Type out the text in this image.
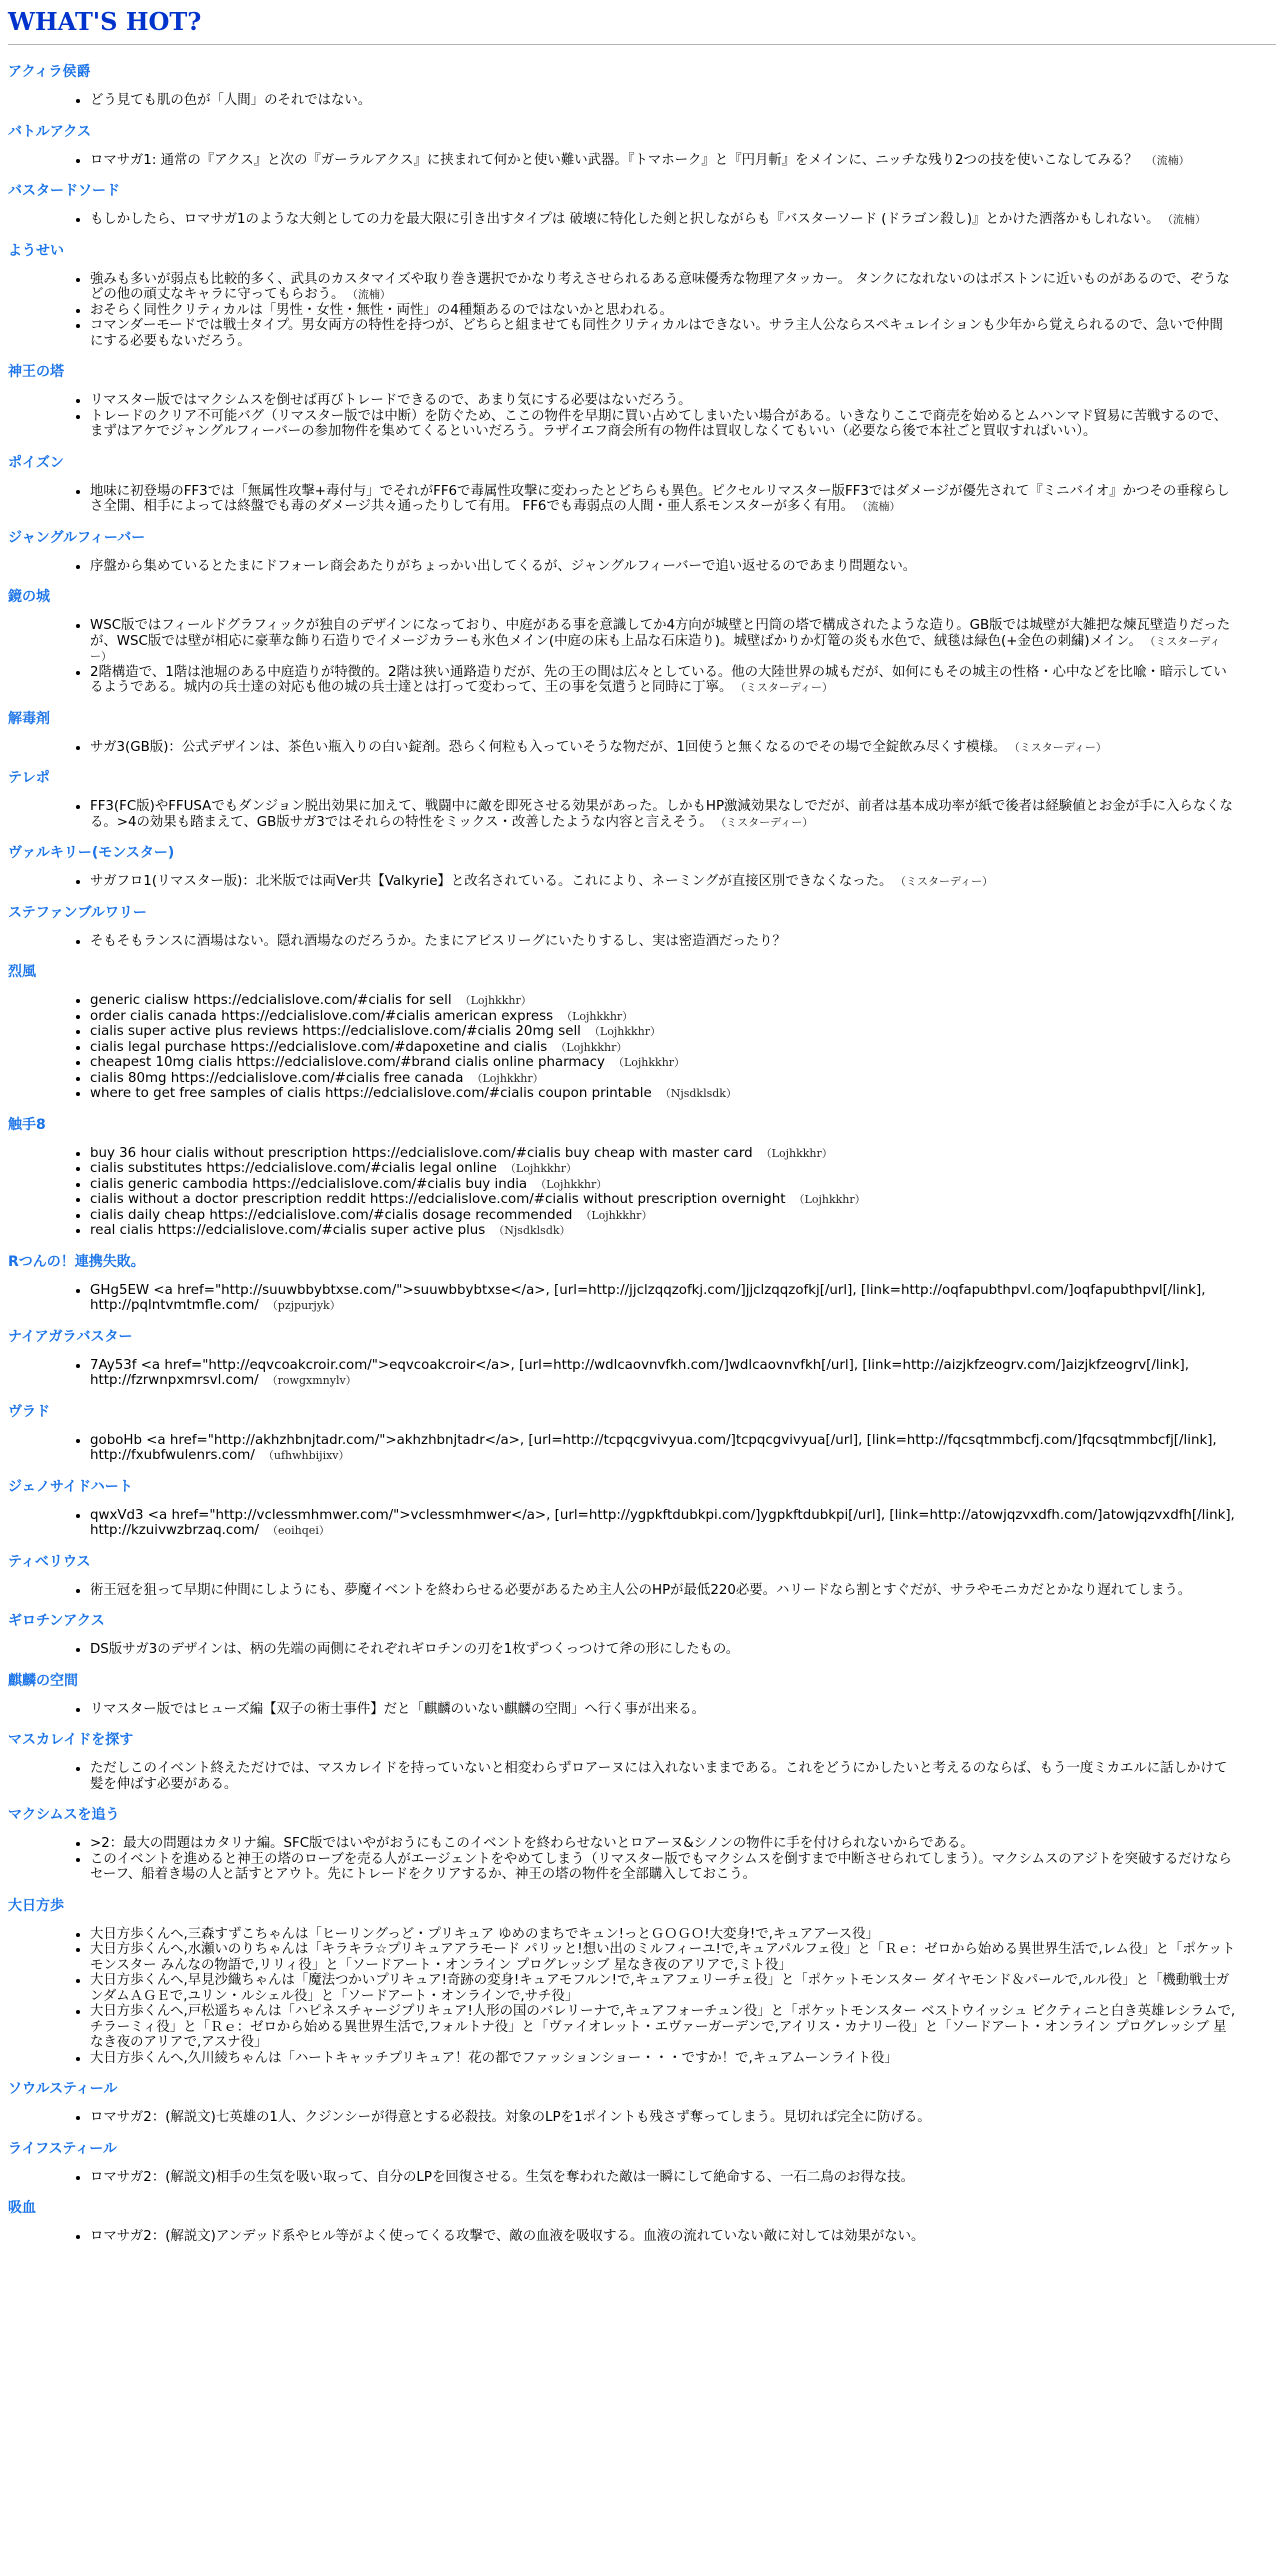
WHAT'S HOT?
アクィラ侯爵
• どう見ても肌の色が「人間」のそれではない。
バトルアクス
• ロマサガ1: 通常の『アクス』と次の『ガーラルアクス』に挟まれて何かと使い難い武器。『トマホーク』と『円月斬』をメインに、ニッチな残り2つの技を使いこなしてみる？ （流楠）
バスタードソード
• もしかしたら、ロマサガ1のような大剣としての力を最大限に引き出すタイプは 破壊に特化した剣と択しながらも『バスターソード (ドラゴン殺し)』とかけた洒落かもしれない。 （流楠）
ようせい
• 強みも多いが弱点も比較的多く、武具のカスタマイズや取り巻き選択でかなり考えさせられるある意味優秀な物理アタッカー。 タンクになれないのはボストンに近いものがあるので、ぞうなどの他の頑丈なキャラに守ってもらおう。 （流楠）
• おそらく同性クリティカルは「男性・女性・無性・両性」の4種類あるのではないかと思われる。
• コマンダーモードでは戦士タイプ。男女両方の特性を持つが、どちらと組ませても同性クリティカルはできない。サラ主人公ならスペキュレイションも少年から覚えられるので、急いで仲間にする必要もないだろう。
神王の塔
• リマスター版ではマクシムスを倒せば再びトレードできるので、あまり気にする必要はないだろう。
• トレードのクリア不可能バグ（リマスター版では中断）を防ぐため、ここの物件を早期に買い占めてしまいたい場合がある。いきなりここで商売を始めるとムハンマド貿易に苦戦するので、まずはアケでジャングルフィーバーの参加物件を集めてくるといいだろう。ラザイエフ商会所有の物件は買収しなくてもいい（必要なら後で本社ごと買収すればいい）。
ポイズン
• 地味に初登場のFF3では「無属性攻撃+毒付与」でそれがFF6で毒属性攻撃に変わったとどちらも異色。ピクセルリマスター版FF3ではダメージが優先されて『ミニバイオ』かつその垂稼らしさ全開、相手によっては終盤でも毒のダメージ共々通ったりして有用。 FF6でも毒弱点の人間・亜人系モンスターが多く有用。 （流楠）
ジャングルフィーバー
• 序盤から集めているとたまにドフォーレ商会あたりがちょっかい出してくるが、ジャングルフィーバーで追い返せるのであまり問題ない。
鏡の城
• WSC版ではフィールドグラフィックが独自のデザインになっており、中庭がある事を意識してか4方向が城壁と円筒の塔で構成されたような造り。GB版では城壁が大雑把な煉瓦壁造りだったが、WSC版では壁が相応に豪華な飾り石造りでイメージカラーも氷色メイン(中庭の床も上品な石床造り)。城壁ばかりか灯篭の炎も水色で、絨毯は緑色(+金色の刺繍)メイン。 （ミスターディー）
• 2階構造で、1階は池堀のある中庭造りが特徴的。2階は狭い通路造りだが、先の王の間は広々としている。他の大陸世界の城もだが、如何にもその城主の性格・心中などを比喩・暗示しているようである。城内の兵士達の対応も他の城の兵士達とは打って変わって、王の事を気遣うと同時に丁寧。 （ミスターディー）
解毒剤
• サガ3(GB版)：公式デザインは、茶色い瓶入りの白い錠剤。恐らく何粒も入っていそうな物だが、1回使うと無くなるのでその場で全錠飲み尽くす模様。 （ミスターディー）
テレポ
• FF3(FC版)やFFUSAでもダンジョン脱出効果に加えて、戦闘中に敵を即死させる効果があった。しかもHP激減効果なしでだが、前者は基本成功率が紙で後者は経験値とお金が手に入らなくなる。>4の効果も踏まえて、GB版サガ3ではそれらの特性をミックス・改善したような内容と言えそう。 （ミスターディー）
ヴァルキリー(モンスター)
• サガフロ1(リマスター版)：北米版では両Ver共【Valkyrie】と改名されている。これにより、ネーミングが直接区別できなくなった。 （ミスターディー）
ステファンブルワリー
• そもそもランスに酒場はない。隠れ酒場なのだろうか。たまにアビスリーグにいたりするし、実は密造酒だったり？
烈風
• generic cialisw https://edcialislove.com/#cialis for sell （Lojhkkhr）
• order cialis canada https://edcialislove.com/#cialis american express （Lojhkkhr）
• cialis super active plus reviews https://edcialislove.com/#cialis 20mg sell （Lojhkkhr）
• cialis legal purchase https://edcialislove.com/#dapoxetine and cialis （Lojhkkhr）
• cheapest 10mg cialis https://edcialislove.com/#brand cialis online pharmacy （Lojhkkhr）
• cialis 80mg https://edcialislove.com/#cialis free canada （Lojhkkhr）
• where to get free samples of cialis https://edcialislove.com/#cialis coupon printable （Njsdklsdk）
触手8
• buy 36 hour cialis without prescription https://edcialislove.com/#cialis buy cheap with master card （Lojhkkhr）
• cialis substitutes https://edcialislove.com/#cialis legal online （Lojhkkhr）
• cialis generic cambodia https://edcialislove.com/#cialis buy india （Lojhkkhr）
• cialis without a doctor prescription reddit https://edcialislove.com/#cialis without prescription overnight （Lojhkkhr）
• cialis daily cheap https://edcialislove.com/#cialis dosage recommended （Lojhkkhr）
• real cialis https://edcialislove.com/#cialis super active plus （Njsdklsdk）
Rつんの！連携失敗。
• GHg5EW <a href="http://suuwbbybtxse.com/">suuwbbybtxse</a>, [url=http://jjclzqqzofkj.com/]jjclzqqzofkj[/url], [link=http://oqfapubthpvl.com/]oqfapubthpvl[/link], http://pqlntvmtmfle.com/ （pzjpurjyk）
ナイアガラバスター
• 7Ay53f <a href="http://eqvcoakcroir.com/">eqvcoakcroir</a>, [url=http://wdlcaovnvfkh.com/]wdlcaovnvfkh[/url], [link=http://aizjkfzeogrv.com/]aizjkfzeogrv[/link], http://fzrwnpxmrsvl.com/ （rowgxmnylv）
ヴラド
• goboHb <a href="http://akhzhbnjtadr.com/">akhzhbnjtadr</a>, [url=http://tcpqcgvivyua.com/]tcpqcgvivyua[/url], [link=http://fqcsqtmmbcfj.com/]fqcsqtmmbcfj[/link], http://fxubfwulenrs.com/ （ufhwhbijixv）
ジェノサイドハート
• qwxVd3 <a href="http://vclessmhmwer.com/">vclessmhmwer</a>, [url=http://ygpkftdubkpi.com/]ygpkftdubkpi[/url], [link=http://atowjqzvxdfh.com/]atowjqzvxdfh[/link], http://kzuivwzbrzaq.com/ （eoihqei）
ティベリウス
• 術王冠を狙って早期に仲間にしようにも、夢魔イベントを終わらせる必要があるため主人公のHPが最低220必要。ハリードなら割とすぐだが、サラやモニカだとかなり遅れてしまう。
ギロチンアクス
• DS版サガ3のデザインは、柄の先端の両側にそれぞれギロチンの刃を1枚ずつくっつけて斧の形にしたもの。
麒麟の空間
• リマスター版ではヒューズ編【双子の術士事件】だと「麒麟のいない麒麟の空間」へ行く事が出来る。
マスカレイドを探す
• ただしこのイベント終えただけでは、マスカレイドを持っていないと相変わらずロアーヌには入れないままである。これをどうにかしたいと考えるのならば、もう一度ミカエルに話しかけて髪を伸ばす必要がある。
マクシムスを追う
• >2：最大の問題はカタリナ編。SFC版ではいやがおうにもこのイベントを終わらせないとロアーヌ&シノンの物件に手を付けられないからである。
• このイベントを進めると神王の塔のローブを売る人がエージェントをやめてしまう（リマスター版でもマクシムスを倒すまで中断させられてしまう）。マクシムスのアジトを突破するだけならセーフ、船着き場の人と話すとアウト。先にトレードをクリアするか、神王の塔の物件を全部購入しておこう。
大日方歩
• 大日方歩くんへ,三森すずこちゃんは「ヒーリングっど・プリキュア ゆめのまちでキュン!っとＧＯＧＯ!大変身!で,キュアアース役」
• 大日方歩くんへ,水瀬いのりちゃんは「キラキラ☆プリキュアアラモード パリッと!想い出のミルフィーユ!で,キュアパルフェ役」と「Ｒｅ：ゼロから始める異世界生活で,レム役」と「ポケットモンスター みんなの物語で,リリィ役」と「ソードアート・オンライン プログレッシブ 星なき夜のアリアで,ミト役」
• 大日方歩くんへ,早見沙織ちゃんは「魔法つかいプリキュア!奇跡の変身!キュアモフルン!で,キュアフェリーチェ役」と「ポケットモンスター ダイヤモンド＆パールで,ルル役」と「機動戦士ガンダムＡＧＥで,ユリン・ルシェル役」と「ソードアート・オンラインで,サチ役」
• 大日方歩くんへ,戸松遥ちゃんは「ハピネスチャージプリキュア!人形の国のバレリーナで,キュアフォーチュン役」と「ポケットモンスター ベストウイッシュ ビクティニと白き英雄レシラムで,チラーミィ役」と「Ｒｅ：ゼロから始める異世界生活で,フォルトナ役」と「ヴァイオレット・エヴァーガーデンで,アイリス・カナリー役」と「ソードアート・オンライン プログレッシブ 星なき夜のアリアで,アスナ役」
• 大日方歩くんへ,久川綾ちゃんは「ハートキャッチプリキュア！花の都でファッションショー・・・ですか！で,キュアムーンライト役」
ソウルスティール
• ロマサガ2：(解説文)七英雄の1人、クジンシーが得意とする必殺技。対象のLPを1ポイントも残さず奪ってしまう。見切れば完全に防げる。
ライフスティール
• ロマサガ2：(解説文)相手の生気を吸い取って、自分のLPを回復させる。生気を奪われた敵は一瞬にして絶命する、一石二鳥のお得な技。
吸血
• ロマサガ2：(解説文)アンデッド系やヒル等がよく使ってくる攻撃で、敵の血液を吸収する。血液の流れていない敵に対しては効果がない。
